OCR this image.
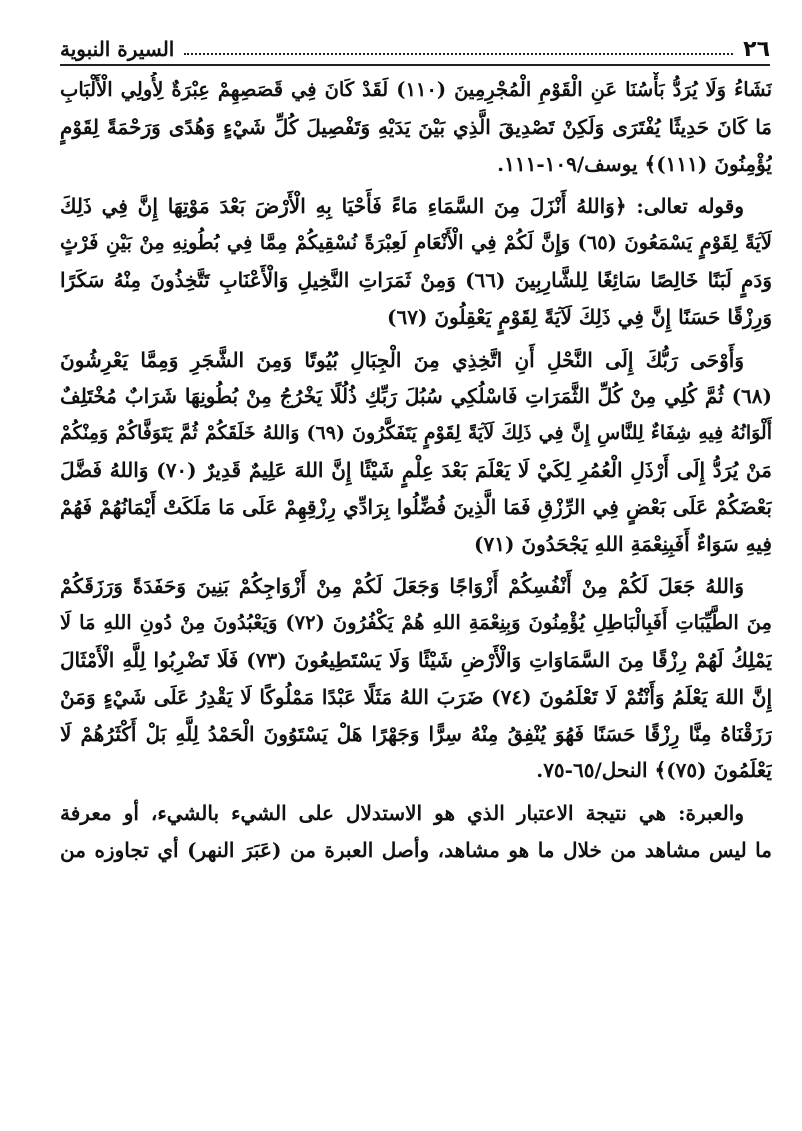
٢٦
السيرة النبوية
نَشَاءُ وَلَا يُرَدُّ بَأْسُنَا عَنِ الْقَوْمِ الْمُجْرِمِينَ (١١٠) لَقَدْ كَانَ فِي قَصَصِهِمْ عِبْرَةٌ لِأُولِي الْأَلْبَابِ
مَا كَانَ حَدِيثًا يُفْتَرَى وَلَكِنْ تَصْدِيقَ الَّذِي بَيْنَ يَدَيْهِ وَتَفْصِيلَ كُلِّ شَيْءٍ وَهُدًى وَرَحْمَةً لِقَوْمٍ
يُؤْمِنُونَ (١١١)﴾ يوسف/١٠٩-١١١.
وقوله تعالى: ﴿وَاللهُ أَنْزَلَ مِنَ السَّمَاءِ مَاءً فَأَحْيَا بِهِ الْأَرْضَ بَعْدَ مَوْتِهَا إِنَّ فِي ذَلِكَ
لَآيَةً لِقَوْمٍ يَسْمَعُونَ (٦٥) وَإِنَّ لَكُمْ فِي الْأَنْعَامِ لَعِبْرَةً نُسْقِيكُمْ مِمَّا فِي بُطُونِهِ مِنْ بَيْنِ فَرْثٍ
وَدَمٍ لَبَنًا خَالِصًا سَائِغًا لِلشَّارِبِينَ (٦٦) وَمِنْ ثَمَرَاتِ النَّخِيلِ وَالْأَعْنَابِ تَتَّخِذُونَ مِنْهُ سَكَرًا
وَرِزْقًا حَسَنًا إِنَّ فِي ذَلِكَ لَآيَةً لِقَوْمٍ يَعْقِلُونَ (٦٧)
وَأَوْحَى رَبُّكَ إِلَى النَّحْلِ أَنِ اتَّخِذِي مِنَ الْجِبَالِ بُيُوتًا وَمِنَ الشَّجَرِ وَمِمَّا يَعْرِشُونَ
(٦٨) ثُمَّ كُلِي مِنْ كُلِّ الثَّمَرَاتِ فَاسْلُكِي سُبُلَ رَبِّكِ ذُلُلًا يَخْرُجُ مِنْ بُطُونِهَا شَرَابٌ مُخْتَلِفٌ
أَلْوَانُهُ فِيهِ شِفَاءٌ لِلنَّاسِ إِنَّ فِي ذَلِكَ لَآيَةً لِقَوْمٍ يَتَفَكَّرُونَ (٦٩) وَاللهُ خَلَقَكُمْ ثُمَّ يَتَوَفَّاكُمْ وَمِنْكُمْ
مَنْ يُرَدُّ إِلَى أَرْذَلِ الْعُمُرِ لِكَيْ لَا يَعْلَمَ بَعْدَ عِلْمٍ شَيْئًا إِنَّ اللهَ عَلِيمٌ قَدِيرٌ (٧٠) وَاللهُ فَضَّلَ
بَعْضَكُمْ عَلَى بَعْضٍ فِي الرِّزْقِ فَمَا الَّذِينَ فُضِّلُوا بِرَادِّي رِزْقِهِمْ عَلَى مَا مَلَكَتْ أَيْمَانُهُمْ فَهُمْ
فِيهِ سَوَاءٌ أَفَبِنِعْمَةِ اللهِ يَجْحَدُونَ (٧١)
وَاللهُ جَعَلَ لَكُمْ مِنْ أَنْفُسِكُمْ أَزْوَاجًا وَجَعَلَ لَكُمْ مِنْ أَزْوَاجِكُمْ بَنِينَ وَحَفَدَةً وَرَزَقَكُمْ
مِنَ الطَّيِّبَاتِ أَفَبِالْبَاطِلِ يُؤْمِنُونَ وَبِنِعْمَةِ اللهِ هُمْ يَكْفُرُونَ (٧٢) وَيَعْبُدُونَ مِنْ دُونِ اللهِ مَا لَا
يَمْلِكُ لَهُمْ رِزْقًا مِنَ السَّمَاوَاتِ وَالْأَرْضِ شَيْئًا وَلَا يَسْتَطِيعُونَ (٧٣) فَلَا تَضْرِبُوا لِلَّهِ الْأَمْثَالَ
إِنَّ اللهَ يَعْلَمُ وَأَنْتُمْ لَا تَعْلَمُونَ (٧٤) ضَرَبَ اللهُ مَثَلًا عَبْدًا مَمْلُوكًا لَا يَقْدِرُ عَلَى شَيْءٍ وَمَنْ
رَزَقْنَاهُ مِنَّا رِزْقًا حَسَنًا فَهُوَ يُنْفِقُ مِنْهُ سِرًّا وَجَهْرًا هَلْ يَسْتَوُونَ الْحَمْدُ لِلَّهِ بَلْ أَكْثَرُهُمْ لَا
يَعْلَمُونَ (٧٥)﴾ النحل/٦٥-٧٥.
والعبرة: هي نتيجة الاعتبار الذي هو الاستدلال على الشيء بالشيء، أو معرفة
ما ليس مشاهد من خلال ما هو مشاهد، وأصل العبرة من (عَبَرَ النهر) أي تجاوزه من
